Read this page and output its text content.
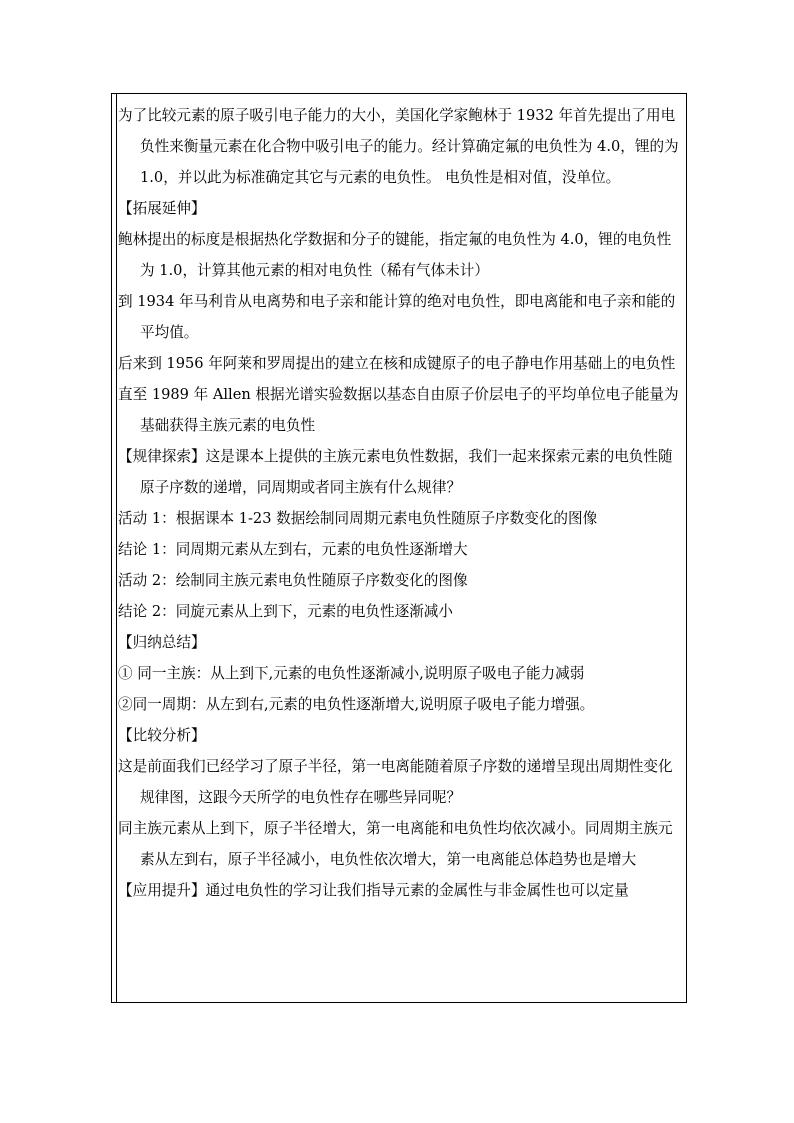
为了比较元素的原子吸引电子能力的大小，美国化学家鲍林于 1932 年首先提出了用电负性来衡量元素在化合物中吸引电子的能力。经计算确定氟的电负性为 4.0，锂的为 1.0，并以此为标准确定其它与元素的电负性。 电负性是相对值，没单位。

【拓展延伸】

鲍林提出的标度是根据热化学数据和分子的键能，指定氟的电负性为 4.0，锂的电负性为 1.0，计算其他元素的相对电负性（稀有气体未计）

到 1934 年马利肯从电离势和电子亲和能计算的绝对电负性，即电离能和电子亲和能的平均值。

后来到 1956 年阿莱和罗周提出的建立在核和成键原子的电子静电作用基础上的电负性

直至 1989 年 Allen 根据光谱实验数据以基态自由原子价层电子的平均单位电子能量为基础获得主族元素的电负性

【规律探索】这是课本上提供的主族元素电负性数据，我们一起来探索元素的电负性随原子序数的递增，同周期或者同主族有什么规律？

活动 1：根据课本 1-23 数据绘制同周期元素电负性随原子序数变化的图像

结论 1：同周期元素从左到右，元素的电负性逐渐增大

活动 2：绘制同主族元素电负性随原子序数变化的图像

结论 2：同旋元素从上到下，元素的电负性逐渐减小

【归纳总结】

① 同一主族：从上到下,元素的电负性逐渐减小,说明原子吸电子能力减弱

②同一周期：从左到右,元素的电负性逐渐增大,说明原子吸电子能力增强。

【比较分析】

这是前面我们已经学习了原子半径，第一电离能随着原子序数的递增呈现出周期性变化规律图，这跟今天所学的电负性存在哪些异同呢？

同主族元素从上到下，原子半径增大，第一电离能和电负性均依次减小。同周期主族元素从左到右，原子半径减小，电负性依次增大，第一电离能总体趋势也是增大

【应用提升】通过电负性的学习让我们指导元素的金属性与非金属性也可以定量
